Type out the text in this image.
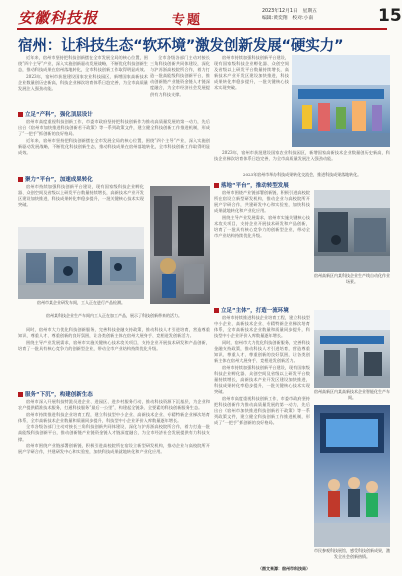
安徽科技报	专题
2023年12月1日　星期五
编辑:黄奕翔　校对:小南	15
宿州：让科技生态“软环境”激发创新发展“硬实力”

近年来，宿州市坚持把科技创新摆在全市发展全局的核心位置，围绕“四个主导”产业，深入实施创新驱动发展战略，不断优化科技创新生态，推动科技成果在宿州落地转化，全市科技创新工作取得明显成效。

2023年，宿州市获批建设国家农业科技园区，新增国家高新技术企业数量创历史新高，科技企业梯次培育体系日趋完善，为全市高质量发展注入强劲动能。

全市各级各部门主动对接长三角科技创新共同体建设，深化与沪苏浙高校院所合作，着力打造一批高能级科技创新平台，推动创新链产业链资金链人才链深度融合，为全市经济社会发展提供有力科技支撑。

立足“产科”，强化顶层设计

宿州市高度重视科技创新工作，市委市政府坚持把科技创新作为推动高质量发展的第一动力，先后出台《宿州市加快推进科技创新若干政策》等一系列政策文件，建立健全科技创新工作推进机制，形成了“一把手”抓创新的良好格局。

近年来，宿州市坚持把科技创新摆在全市发展全局的核心位置，围绕“四个主导”产业，深入实施创新驱动发展战略，不断优化科技创新生态，推动科技成果在宿州落地转化，全市科技创新工作取得明显成效。

聚力“平台”，加速成果转化

宿州市持续加强科技创新平台建设，现有国家级科技企业孵化器、众创空间及省级以上研发平台数量持续增长，高新技术产业开发区建设加快推进，科技成果转化率稳步提升，一批关键核心技术实现突破。

宿州市某企业研发车间，工人正在进行产品检测。
宿州某科技企业生产车间内工人正在加工产品，展示了科技创新带来的活力。

同时，宿州市大力优化科技创新服务，完善科技金融支持政策，推动科技人才引进培育，营造尊重知识、尊重人才、尊重创新的良好氛围，让各类创新主体在宿州大展身手、竞相迸发创新活力。

围绕主导产业发展需求，宿州市实施关键核心技术攻关项目，支持企业开展技术研发和产品创新，培育了一批具有核心竞争力的创新型企业，带动全市产业结构持续优化升级。

服务“下沉”，构建创新生态

宿州市深入开展科技特派员进企业、进园区、进乡村服务行动，推动科技资源下沉基层，为企业和农户提供精准技术服务，打通科技服务“最后一公里”，构建起全链条、全要素的科技创新服务生态。

宿州市持续推进科技企业培育工程，建立科技型中小企业、高新技术企业、专精特新企业梯次培育体系，全市高新技术企业数量和质量同步提升，科技型中小企业评价入库数量逐年增长。

全市各级各部门主动对接长三角科技创新共同体建设，深化与沪苏浙高校院所合作，着力打造一批高能级科技创新平台，推动创新链产业链资金链人才链深度融合，为全市经济社会发展提供有力科技支撑。

宿州市围绕产业链部署创新链，积极引进高校院所在宿设立新型研发机构，推动企业与高校院所开展产学研合作，共建研发中心和实验室，加快科技成果就地转化和产业化应用。

宿州市持续加强科技创新平台建设，现有国家级科技企业孵化器、众创空间及省级以上研发平台数量持续增长，高新技术产业开发区建设加快推进，科技成果转化率稳步提升，一批关键核心技术实现突破。

2023年宿州市举办科技成果转化交流会，推进科技成果落地转化。

2023年，宿州市获批建设国家农业科技园区，新增国家高新技术企业数量创历史新高，科技企业梯次培育体系日趋完善，为全市高质量发展注入强劲动能。

落地“平台”，推动转型发展

宿州市围绕产业链部署创新链，积极引进高校院所在宿设立新型研发机构，推动企业与高校院所开展产学研合作，共建研发中心和实验室，加快科技成果就地转化和产业化应用。

围绕主导产业发展需求，宿州市实施关键核心技术攻关项目，支持企业开展技术研发和产品创新，培育了一批具有核心竞争力的创新型企业，带动全市产业结构持续优化升级。

宿州高新区内某科技企业生产线自动化作业场景。
立足“主体”，打造一流环境

宿州市持续推进科技企业培育工程，建立科技型中小企业、高新技术企业、专精特新企业梯次培育体系，全市高新技术企业数量和质量同步提升，科技型中小企业评价入库数量逐年增长。

同时，宿州市大力优化科技创新服务，完善科技金融支持政策，推动科技人才引进培育，营造尊重知识、尊重人才、尊重创新的良好氛围，让各类创新主体在宿州大展身手、竞相迸发创新活力。

宿州市持续加强科技创新平台建设，现有国家级科技企业孵化器、众创空间及省级以上研发平台数量持续增长，高新技术产业开发区建设加快推进，科技成果转化率稳步提升，一批关键核心技术实现突破。

宿州市高度重视科技创新工作，市委市政府坚持把科技创新作为推动高质量发展的第一动力，先后出台《宿州市加快推进科技创新若干政策》等一系列政策文件，建立健全科技创新工作推进机制，形成了“一把手”抓创新的良好格局。

（图文来源：宿州市科技局）
宿州高新区内某高新技术企业智能化生产车间。
市民参观科技展馆，感受科技创新成果，激发全社会创新热情。
